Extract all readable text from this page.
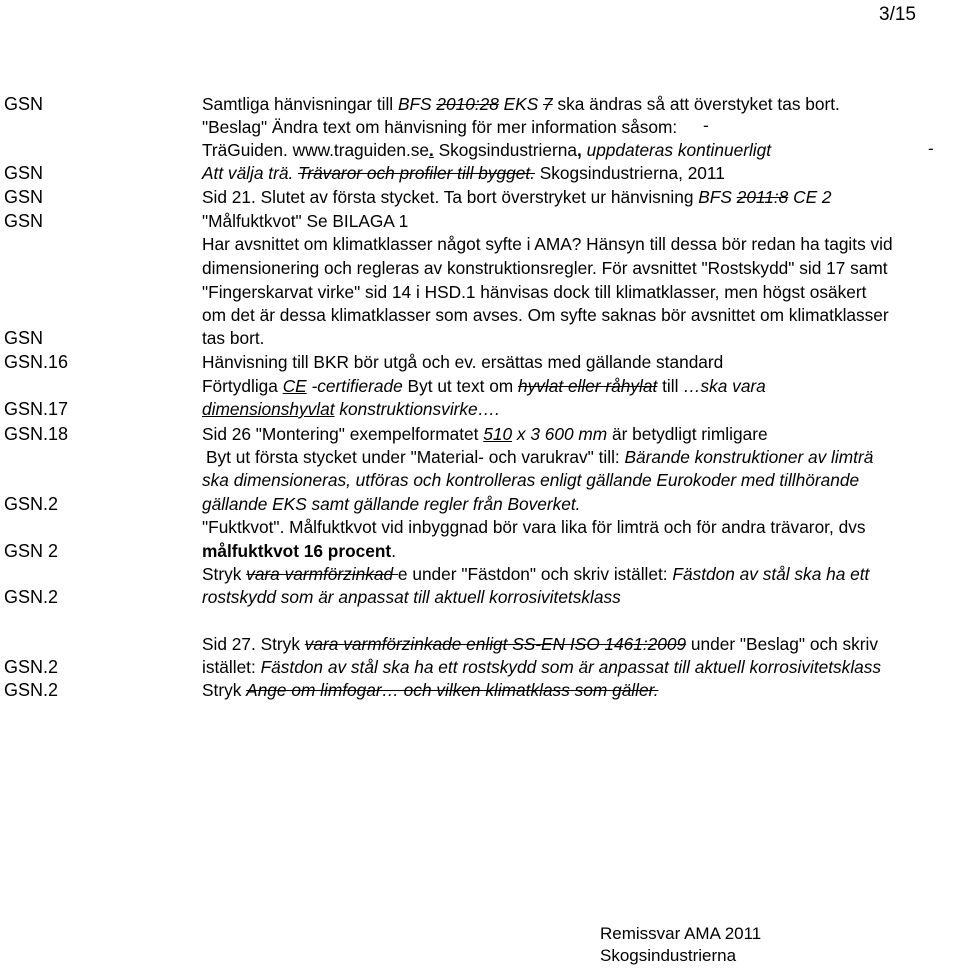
3/15
GSN
GSN
GSN
GSN
GSN
GSN.16
GSN.17
GSN.18
GSN.2
GSN 2
GSN.2
GSN.2
GSN.2
Samtliga hänvisningar till BFS 2010:28 EKS 7 ska ändras så att överstyket tas bort.
"Beslag" Ändra text om hänvisning för mer information såsom: -
TräGuiden. www.traguiden.se. Skogsindustrierna, uppdateras kontinuerligt	-
Att välja trä. Trävaror och profiler till bygget. Skogsindustrierna, 2011
Sid 21. Slutet av första stycket. Ta bort överstryket ur hänvisning BFS 2011:8 CE 2
"Målfuktkvot" Se BILAGA 1
Har avsnittet om klimatklasser något syfte i AMA? Hänsyn till dessa bör redan ha tagits vid
dimensionering och regleras av konstruktionsregler. För avsnittet "Rostskydd" sid 17 samt
"Fingerskarvat virke" sid 14 i HSD.1 hänvisas dock till klimatklasser, men högst osäkert
om det är dessa klimatklasser som avses. Om syfte saknas bör avsnittet om klimatklasser
tas bort.
Hänvisning till BKR bör utgå och ev. ersättas med gällande standard
Förtydliga CE -certifierade Byt ut text om hyvlat eller råhylat till …ska vara
dimensionshyvlat konstruktionsvirke….
Sid 26 "Montering" exempelformatet 510 x 3 600 mm är betydligt rimligare
Byt ut första stycket under "Material- och varukrav" till: Bärande konstruktioner av limträ
ska dimensioneras, utföras och kontrolleras enligt gällande Eurokoder med tillhörande
gällande EKS samt gällande regler från Boverket.
"Fuktkvot". Målfuktkvot vid inbyggnad bör vara lika för limträ och för andra trävaror, dvs
målfuktkvot 16 procent.
Stryk vara varmförzinkad e under "Fästdon" och skriv istället: Fästdon av stål ska ha ett
rostskydd som är anpassat till aktuell korrosivitetsklass
Sid 27. Stryk vara varmförzinkade enligt SS-EN ISO 1461:2009 under "Beslag" och skriv
istället: Fästdon av stål ska ha ett rostskydd som är anpassat till aktuell korrosivitetsklass
Stryk Ange om limfogar… och vilken klimatklass som gäller.
Remissvar AMA 2011
Skogsindustrierna
